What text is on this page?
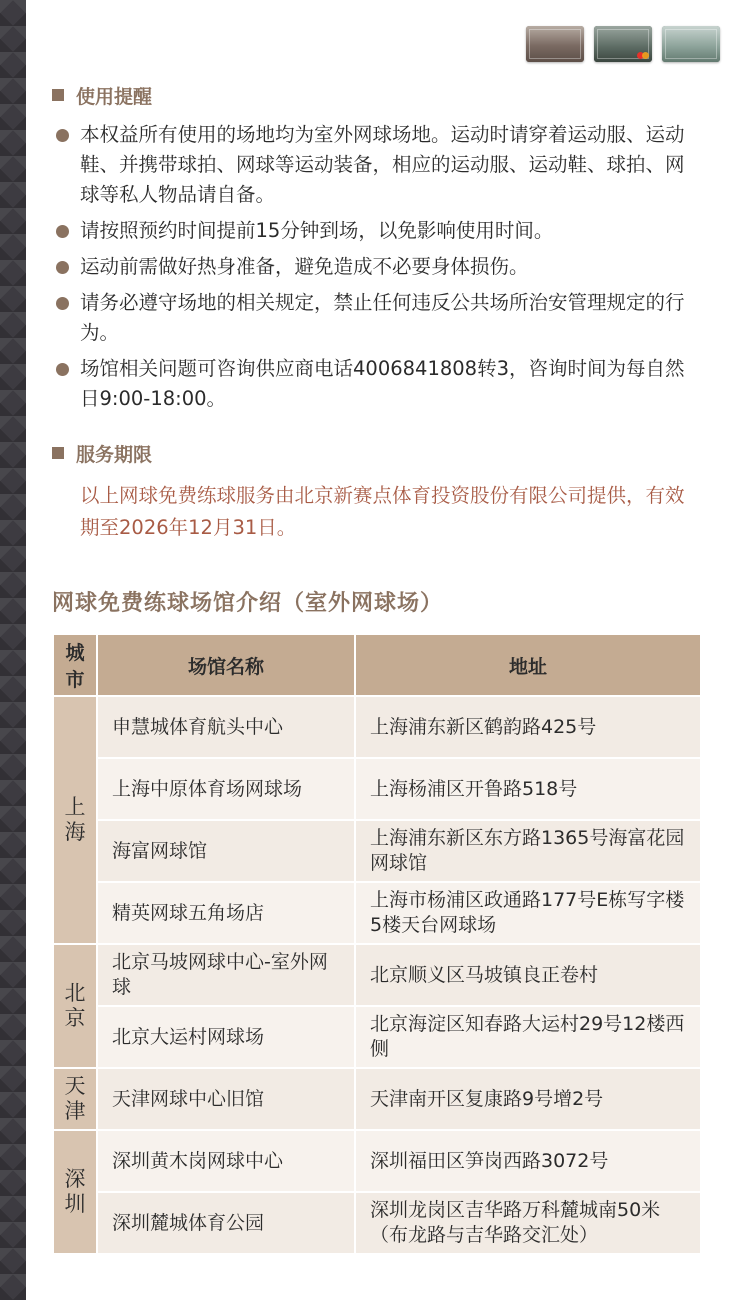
使用提醒
本权益所有使用的场地均为室外网球场地。运动时请穿着运动服、运动鞋、并携带球拍、网球等运动装备，相应的运动服、运动鞋、球拍、网球等私人物品请自备。
请按照预约时间提前15分钟到场，以免影响使用时间。
运动前需做好热身准备，避免造成不必要身体损伤。
请务必遵守场地的相关规定，禁止任何违反公共场所治安管理规定的行为。
场馆相关问题可咨询供应商电话4006841808转3，咨询时间为每自然日9:00-18:00。
服务期限
以上网球免费练球服务由北京新赛点体育投资股份有限公司提供，有效期至2026年12月31日。
网球免费练球场馆介绍（室外网球场）
城
市	场馆名称	地址
上
海	申慧城体育航头中心	上海浦东新区鹤韵路425号
	上海中原体育场网球场	上海杨浦区开鲁路518号
	海富网球馆	上海浦东新区东方路1365号海富花园网球馆
	精英网球五角场店	上海市杨浦区政通路177号E栋写字楼5楼天台网球场
北
京	北京马坡网球中心-室外网球	北京顺义区马坡镇良正卷村
	北京大运村网球场	北京海淀区知春路大运村29号12楼西侧
天
津	天津网球中心旧馆	天津南开区复康路9号增2号
深
圳	深圳黄木岗网球中心	深圳福田区笋岗西路3072号
	深圳麓城体育公园	深圳龙岗区吉华路万科麓城南50米（布龙路与吉华路交汇处）
